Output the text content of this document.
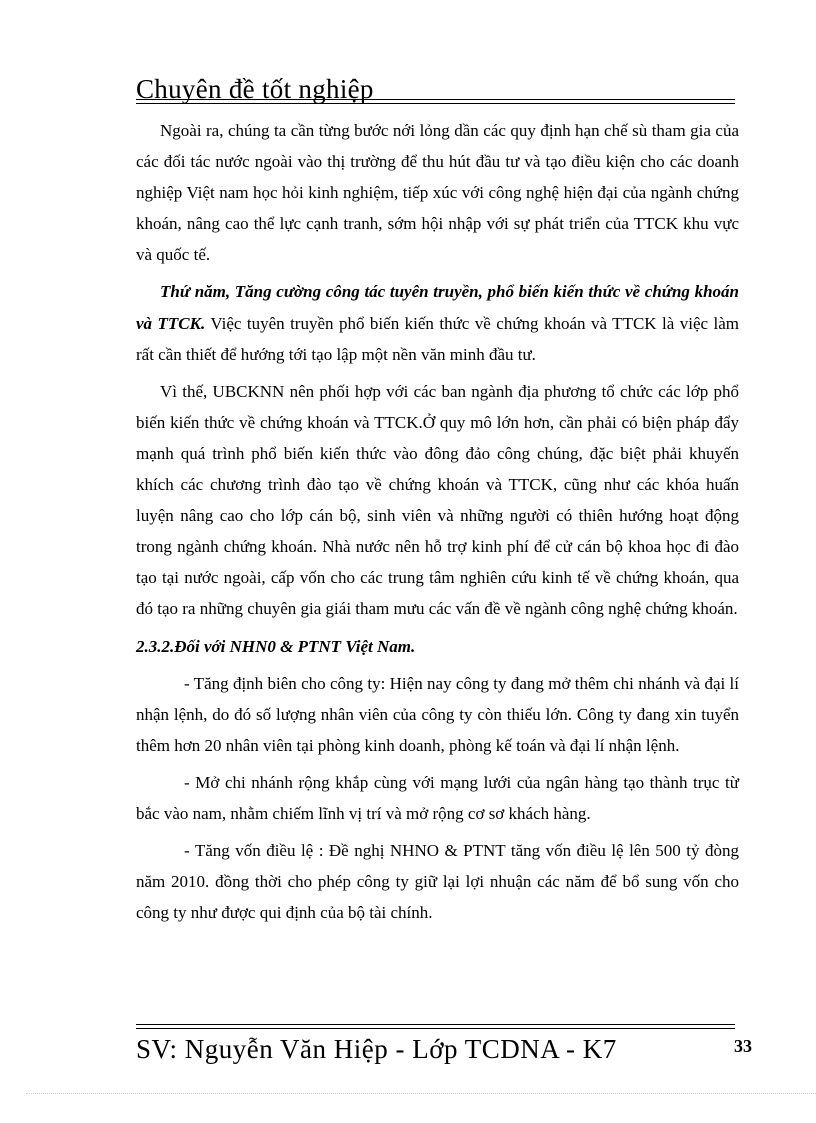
Chuyên đề tốt nghiệp

Ngoài ra, chúng ta cần từng bước nới lỏng dần các quy định hạn chế sù tham gia của các đối tác nước ngoài vào thị trường để thu hút đầu tư và tạo điều kiện cho các doanh nghiệp Việt nam học hỏi kinh nghiệm, tiếp xúc với công nghệ hiện đại của ngành chứng khoán, nâng cao thể lực cạnh tranh, sớm hội nhập với sự phát triển của TTCK khu vực và quốc tế.

Thứ năm, Tăng cường công tác tuyên truyền, phổ biến kiến thức về chứng khoán và TTCK. Việc tuyên truyền phổ biến kiến thức về chứng khoán và TTCK là việc làm rất cần thiết để hướng tới tạo lập một nền văn minh đầu tư.

Vì thế, UBCKNN nên phối hợp với các ban ngành địa phương tổ chức các lớp phổ biến kiến thức về chứng khoán và TTCK.Ở quy mô lớn hơn, cần phải có biện pháp đẩy mạnh quá trình phổ biến kiến thức vào đông đảo công chúng, đặc biệt phải khuyến khích các chương trình đào tạo về chứng khoán và TTCK, cũng như các khóa huấn luyện nâng cao cho lớp cán bộ, sinh viên và những người có thiên hướng hoạt động trong ngành chứng khoán. Nhà nước nên hỗ trợ kinh phí để cử cán bộ khoa học đi đào tạo tại nước ngoài, cấp vốn cho các trung tâm nghiên cứu kinh tế về chứng khoán, qua đó tạo ra những chuyên gia giái tham mưu các vấn đề về ngành công nghệ chứng khoán.

2.3.2.Đối với NHN0 & PTNT Việt Nam.

- Tăng định biên cho công ty: Hiện nay công ty đang mở thêm chi nhánh và đại lí nhận lệnh, do đó số lượng nhân viên của công ty còn thiếu lớn. Công ty đang xin tuyển thêm hơn 20 nhân viên tại phòng kinh doanh, phòng kế toán và đại lí nhận lệnh.

- Mở chi nhánh rộng khắp cùng với mạng lưới của ngân hàng tạo thành trục từ bắc vào nam, nhằm chiếm lĩnh vị trí và mở rộng cơ sơ khách hàng.

- Tăng vốn điều lệ : Đề nghị NHNO & PTNT tăng vốn điều lệ lên 500 tỷ đòng năm 2010. đồng thời cho phép công ty giữ lại lợi nhuận các năm để bổ sung vốn cho công ty như được qui định của bộ tài chính.

SV: Nguyễn Văn Hiệp - Lớp TCDNA - K7	33
